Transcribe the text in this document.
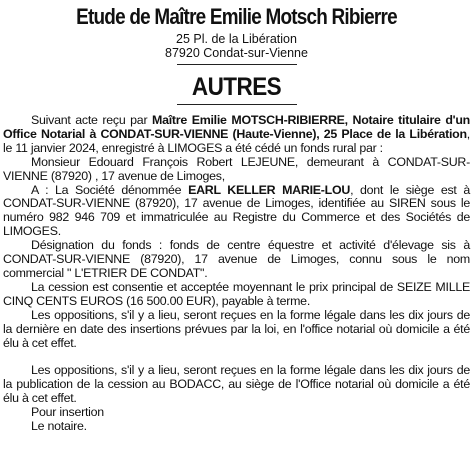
Etude de Maître Emilie Motsch Ribierre
25 Pl. de la Libération
87920 Condat-sur-Vienne
AUTRES

Suivant acte reçu par Maître Emilie MOTSCH-RIBIERRE, Notaire titulaire d'un Office Notarial à CONDAT-SUR-VIENNE (Haute-Vienne), 25 Place de la Libération, le 11 janvier 2024, enregistré à LIMOGES a été cédé un fonds rural par :

Monsieur Edouard François Robert LEJEUNE, demeurant à CONDAT-SUR-VIENNE (87920) , 17 avenue de Limoges,

A : La Société dénommée EARL KELLER MARIE-LOU, dont le siège est à CONDAT-SUR-VIENNE (87920), 17 avenue de Limoges, identifiée au SIREN sous le numéro 982 946 709 et immatriculée au Registre du Commerce et des Sociétés de LIMOGES.

Désignation du fonds : fonds de centre équestre et activité d'élevage sis à CONDAT-SUR-VIENNE (87920), 17 avenue de Limoges, connu sous le nom commercial " L'ETRIER DE CONDAT".

La cession est consentie et acceptée moyennant le prix principal de SEIZE MILLE CINQ CENTS EUROS (16 500.00 EUR), payable à terme.

Les oppositions, s'il y a lieu, seront reçues en la forme légale dans les dix jours de la dernière en date des insertions prévues par la loi, en l'office notarial où domicile a été élu à cet effet.

Les oppositions, s'il y a lieu, seront reçues en la forme légale dans les dix jours de la publication de la cession au BODACC, au siège de l'Office notarial où domicile a été élu à cet effet.

Pour insertion

Le notaire.
